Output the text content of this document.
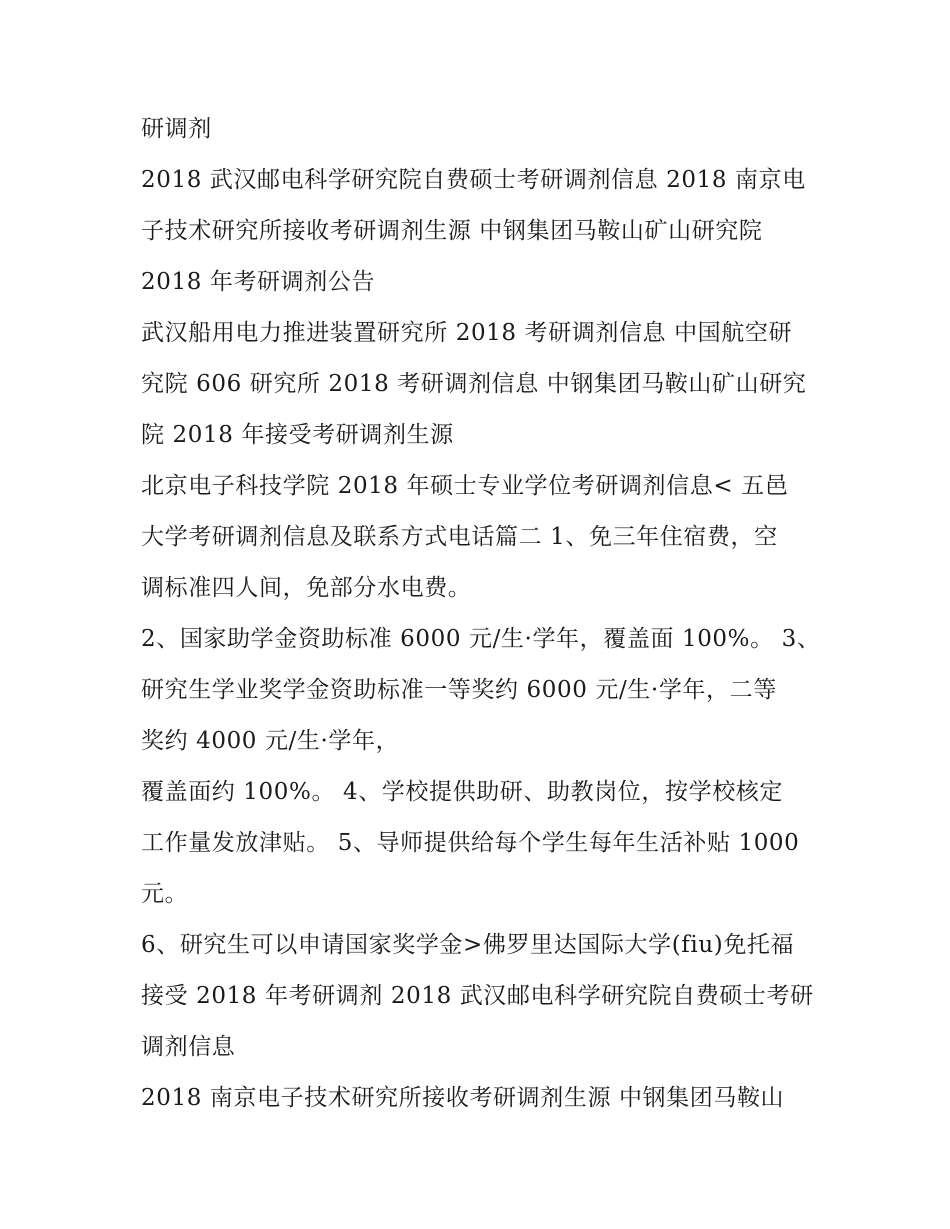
研调剂

2018 武汉邮电科学研究院自费硕士考研调剂信息 2018 南京电

子技术研究所接收考研调剂生源 中钢集团马鞍山矿山研究院

2018 年考研调剂公告

武汉船用电力推进装置研究所 2018 考研调剂信息 中国航空研

究院 606 研究所 2018 考研调剂信息 中钢集团马鞍山矿山研究

院 2018 年接受考研调剂生源

北京电子科技学院 2018 年硕士专业学位考研调剂信息< 五邑

大学考研调剂信息及联系方式电话篇二 1、免三年住宿费，空

调标准四人间，免部分水电费。

2、国家助学金资助标准 6000 元/生·学年，覆盖面 100%。 3、

研究生学业奖学金资助标准一等奖约 6000 元/生·学年，二等

奖约 4000 元/生·学年，

覆盖面约 100%。 4、学校提供助研、助教岗位，按学校核定

工作量发放津贴。 5、导师提供给每个学生每年生活补贴 1000

元。

6、研究生可以申请国家奖学金>佛罗里达国际大学(fiu)免托福

接受 2018 年考研调剂 2018 武汉邮电科学研究院自费硕士考研

调剂信息

2018 南京电子技术研究所接收考研调剂生源 中钢集团马鞍山
